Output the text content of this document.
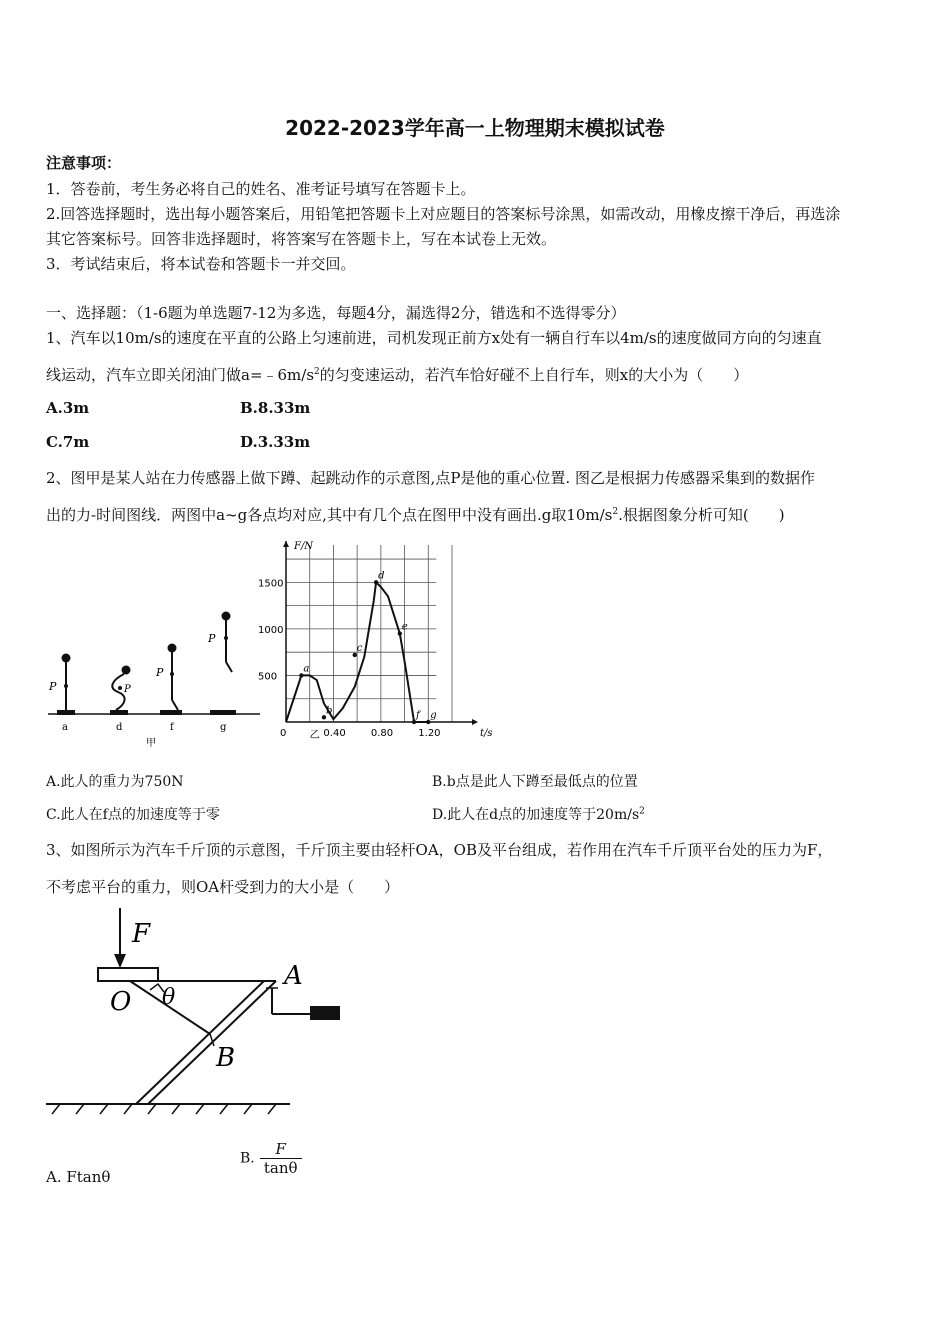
2022-2023学年高一上物理期末模拟试卷
注意事项：
1．答卷前，考生务必将自己的姓名、准考证号填写在答题卡上。
2.回答选择题时，选出每小题答案后，用铅笔把答题卡上对应题目的答案标号涂黑，如需改动，用橡皮擦干净后，再选涂
其它答案标号。回答非选择题时，将答案写在答题卡上，写在本试卷上无效。
3．考试结束后，将本试卷和答题卡一并交回。
一、选择题：（1-6题为单选题7-12为多选，每题4分，漏选得2分，错选和不选得零分）
1、汽车以10m/s的速度在平直的公路上匀速前进，司机发现正前方x处有一辆自行车以4m/s的速度做同方向的匀速直
线运动，汽车立即关闭油门做$a=﹣6m/s^2$的匀变速运动，若汽车恰好碰不上自行车，则x的大小为（　　）
A.3m	B.8.33m
C.7m	D.3.33m
2、图甲是某人站在力传感器上做下蹲、起跳动作的示意图,点P是他的重心位置. 图乙是根据力传感器采集到的数据作
出的力-时间图线．两图中a~g各点均对应,其中有几个点在图甲中没有画出.g取$10m/s^2$.根据图象分析可知(　　)
P
a
P
d
P
f
P
g
甲
F/N
t/s
0	0.40	0.80	1.20
500
1000
1500
a
b
c
d
e
f g
乙
A.此人的重力为750N	B.b点是此人下蹲至最低点的位置
C.此人在f点的加速度等于零	D.此人在d点的加速度等于$20m/s^2$
3、如图所示为汽车千斤顶的示意图，千斤顶主要由轻杆OA，OB及平台组成，若作用在汽车千斤顶平台处的压力为F，
不考虑平台的重力，则OA杆受到力的大小是（　　）
F
O θ
A
B
A. Ftanθ
B. $\frac{F}{\tan\theta}$
